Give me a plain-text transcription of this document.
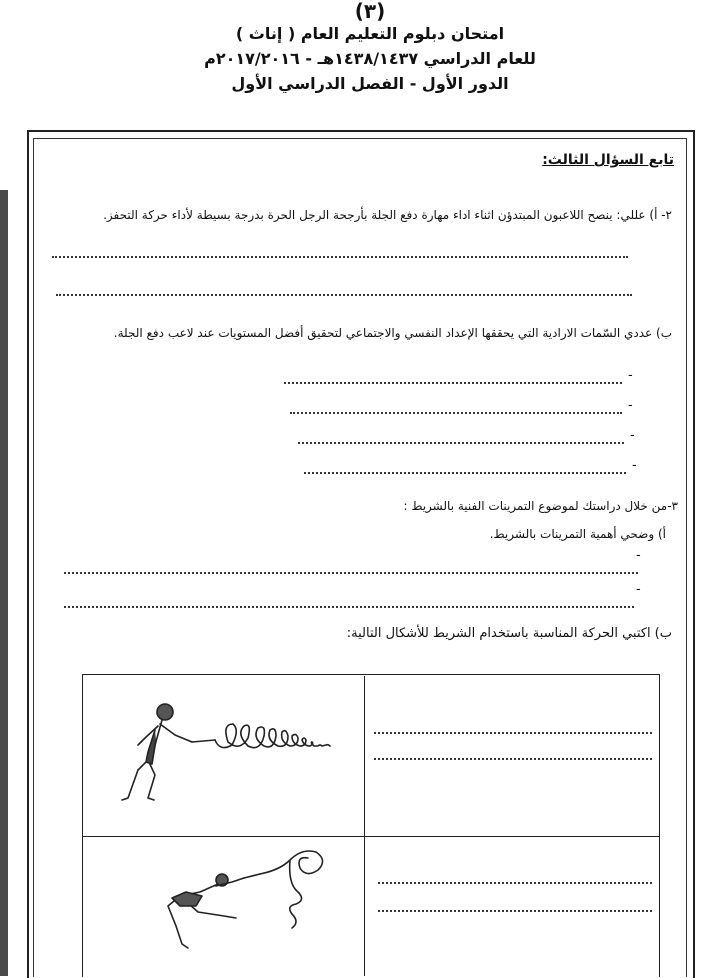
(٣)
امتحان دبلوم التعليم العام ( إناث )
للعام الدراسي ١٤٣٨/١٤٣٧هـ - ٢٠١٧/٢٠١٦م
الدور الأول - الفصل الدراسي الأول
تابع السؤال الثالث:
٢- أ) عللي: ينصح اللاعبون المبتدؤن اثناء اداء مهارة دفع الجلة بأرجحة الرجل الحرة بدرجة بسيطة لأداء حركة التحفز.
ب) عددي السّمات الارادية التي يحققها الإعداد النفسي والاجتماعي لتحقيق أفضل المستويات عند لاعب دفع الجلة.
-
-
-
-
٣-من خلال دراستك لموضوع التمرينات الفنية بالشريط :
أ) وضحي أهمية التمرينات بالشريط.
-
-
ب) اكتبي الحركة المناسبة باستخدام الشريط للأشكال التالية:
